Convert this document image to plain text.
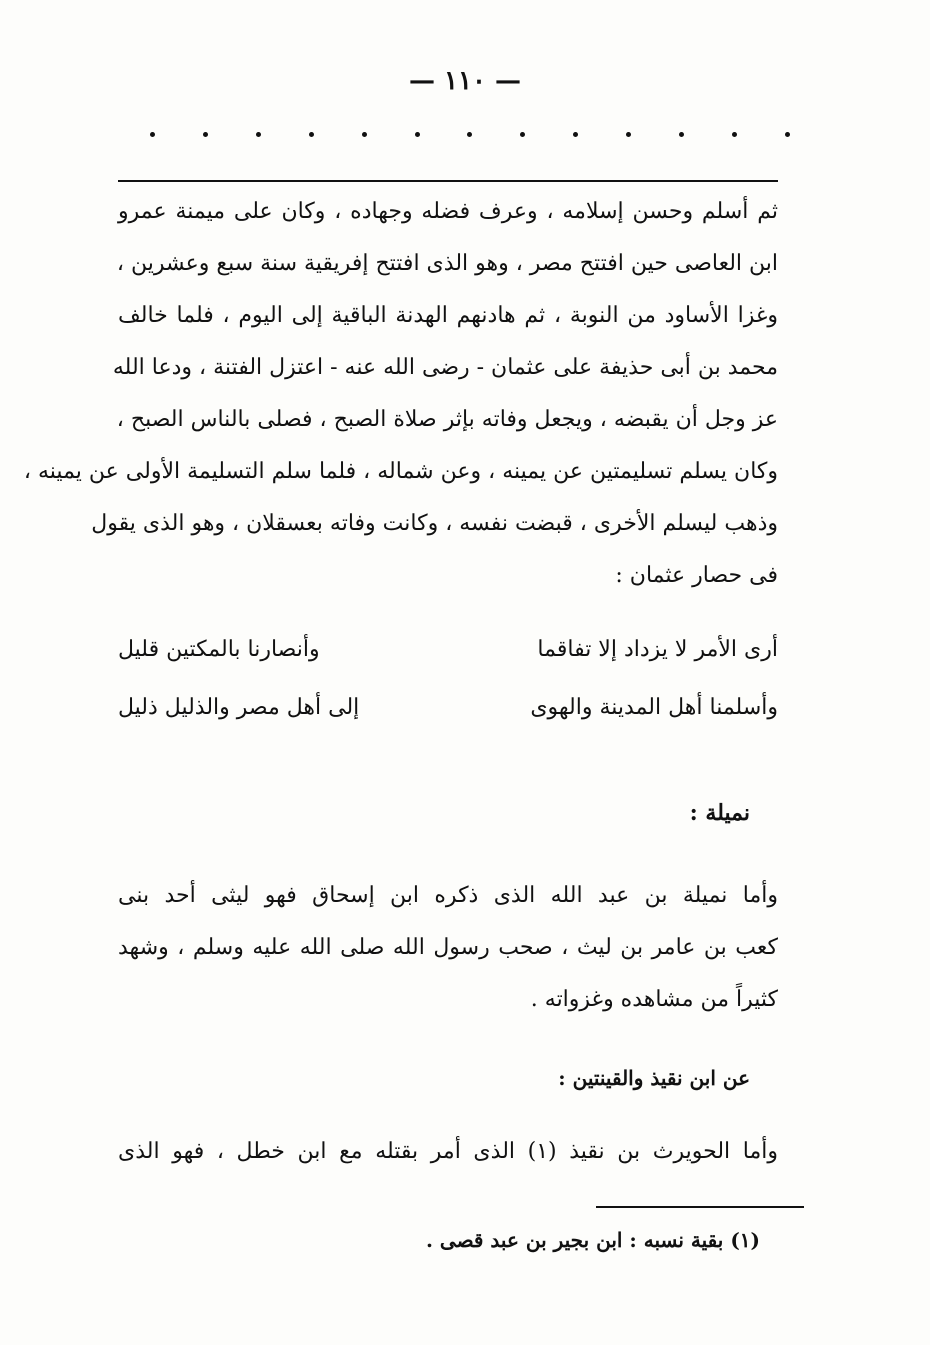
— ١١٠ —
ثم أسلم وحسن إسلامه ، وعرف فضله وجهاده ، وكان على ميمنة عمرو
ابن العاصى حين افتتح مصر ، وهو الذى افتتح إفريقية سنة سبع وعشرين ،
وغزا الأساود من النوبة ، ثم هادنهم الهدنة الباقية إلى اليوم ، فلما خالف
محمد بن أبى حذيفة على عثمان - رضى الله عنه - اعتزل الفتنة ، ودعا الله
عز وجل أن يقبضه ، ويجعل وفاته بإثر صلاة الصبح ، فصلى بالناس الصبح ،
وكان يسلم تسليمتين عن يمينه ، وعن شماله ، فلما سلم التسليمة الأولى عن يمينه ،
وذهب ليسلم الأخرى ، قبضت نفسه ، وكانت وفاته بعسقلان ، وهو الذى يقول
فى حصار عثمان :
أرى الأمر لا يزداد إلا تفاقما
وأنصارنا بالمكتين قليل
وأسلمنا أهل المدينة والهوى
إلى أهل مصر والذليل ذليل
نميلة :
وأما نميلة بن عبد الله الذى ذكره ابن إسحاق فهو ليثى أحد بنى
كعب بن عامر بن ليث ، صحب رسول الله صلى الله عليه وسلم ، وشهد
كثيراً من مشاهده وغزواته .
عن ابن نقيذ والقينتين :
وأما الحويرث بن نقيذ (١) الذى أمر بقتله مع ابن خطل ، فهو الذى
(١) بقية نسبه : ابن بجير بن عبد قصى .
